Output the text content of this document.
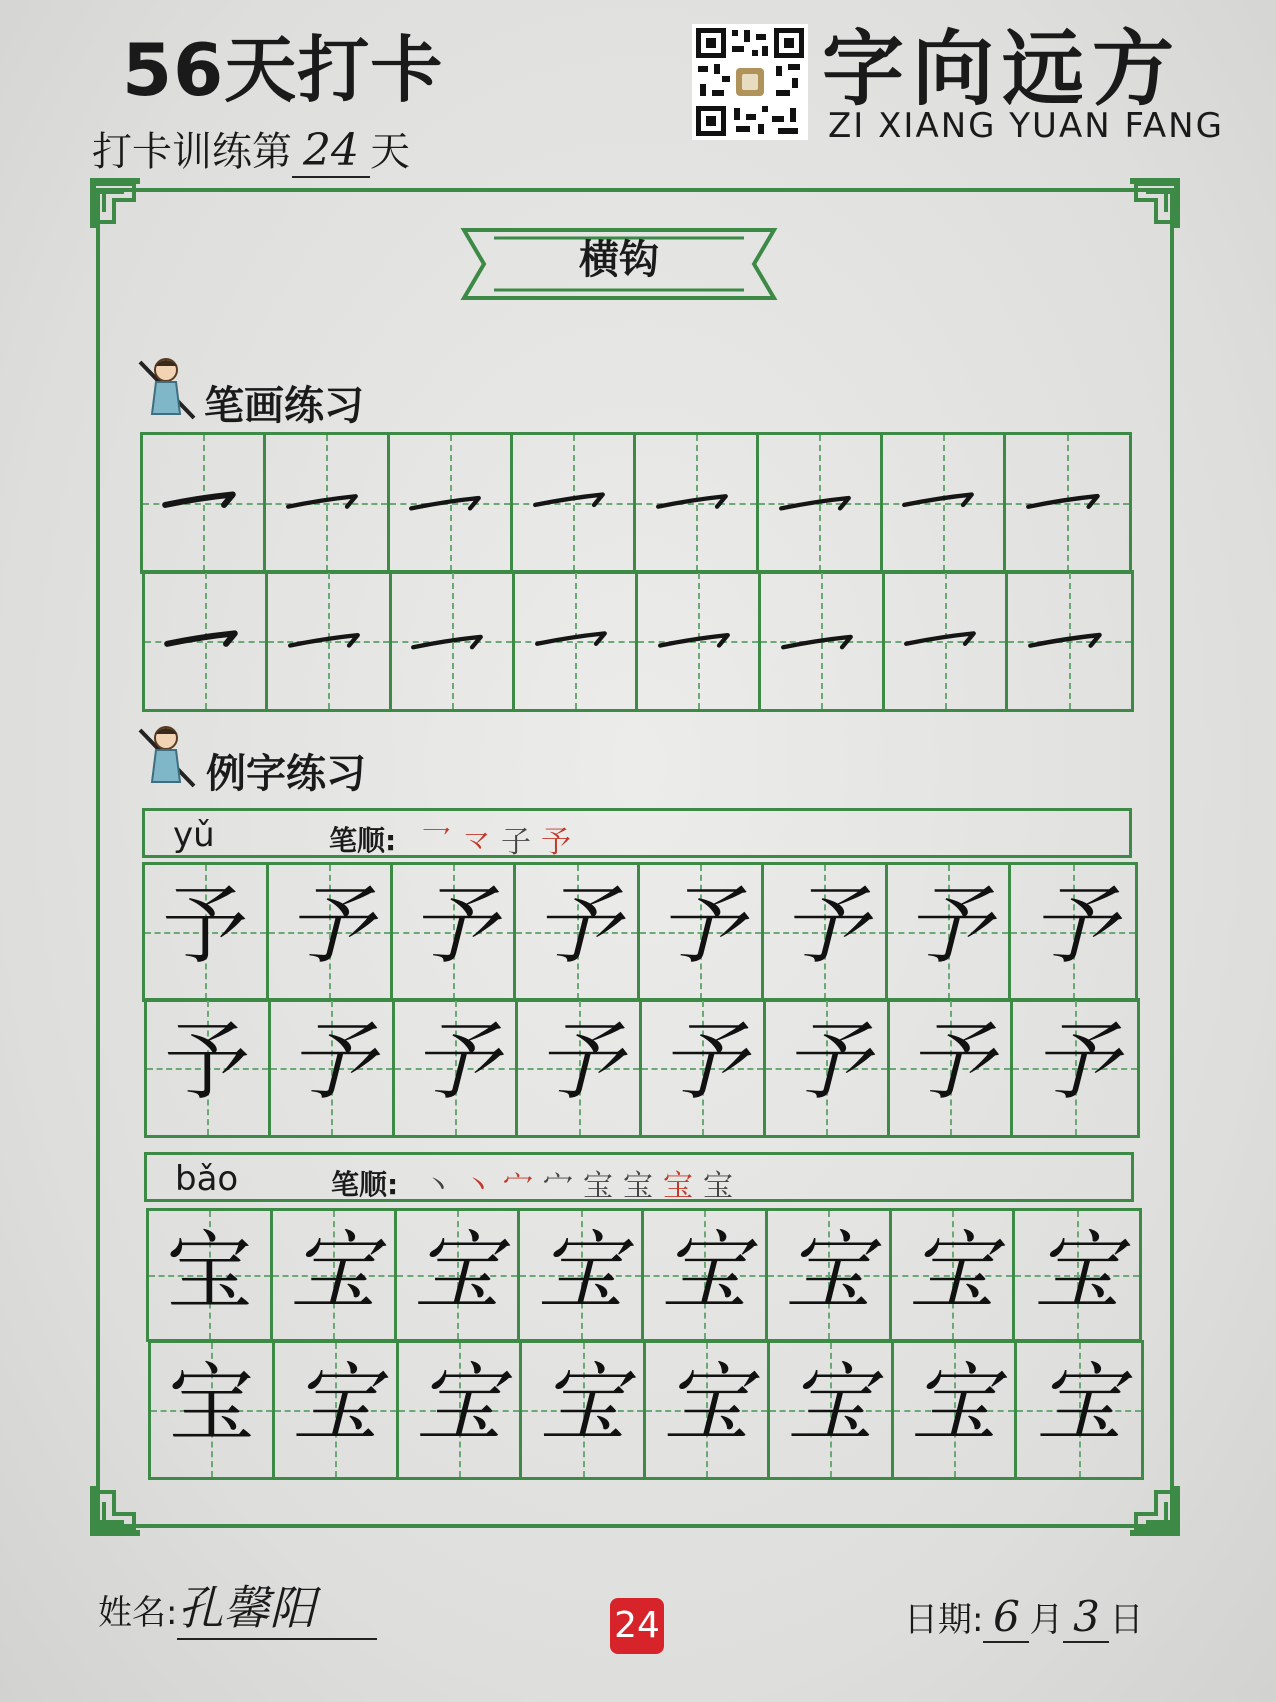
56天打卡
打卡训练第 24 天
字向远方
ZI XIANG YUAN FANG
横钩
笔画练习
例字练习
yǔ	笔顺: 乛龴子予
予 予 予 予 予 予 予 予
予 予 予 予 予 予 予 予
bǎo	笔顺: 丶丶宀宀宝宝宝宝
宝 宝 宝 宝 宝 宝 宝 宝
宝 宝 宝 宝 宝 宝 宝 宝
姓名:孔馨阳	24	日期: 6 月 3 日
